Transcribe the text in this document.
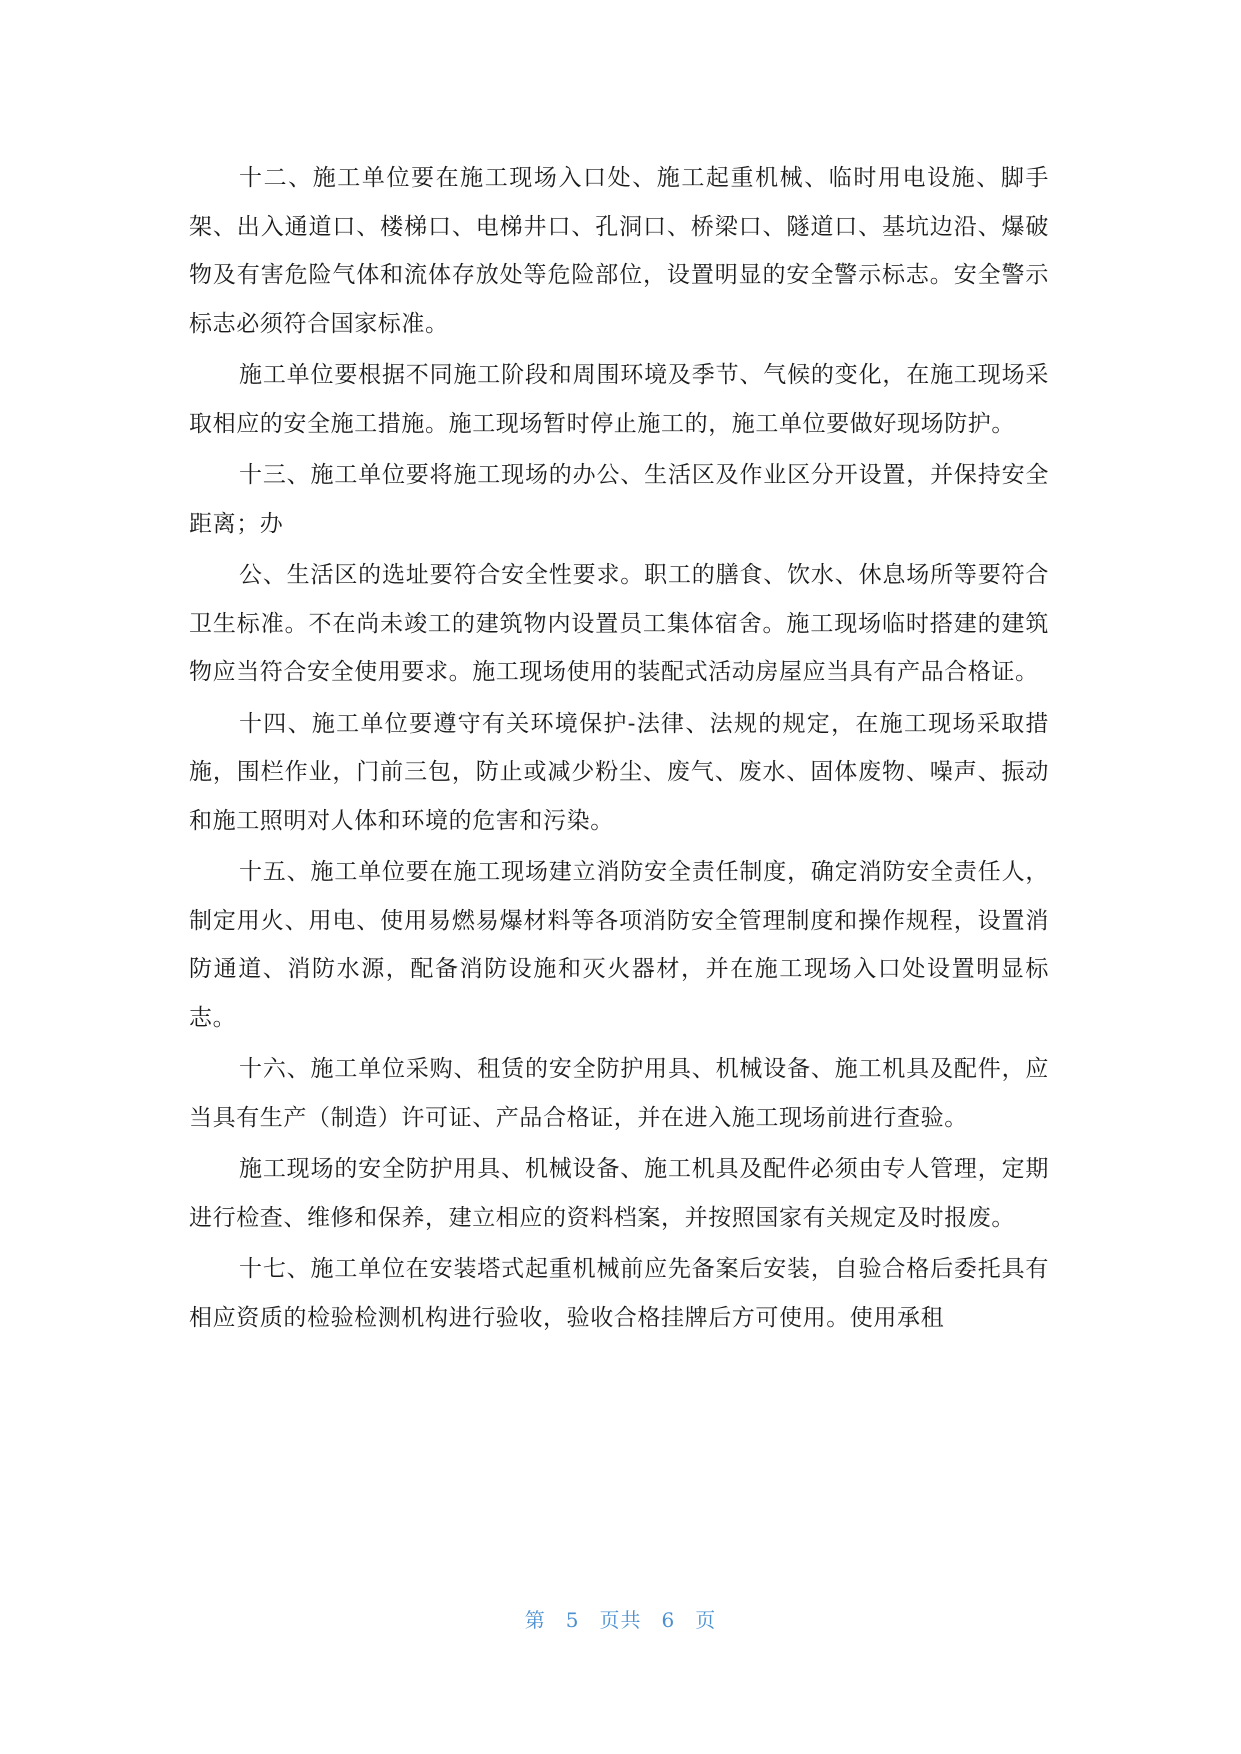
十二、施工单位要在施工现场入口处、施工起重机械、临时用电设施、脚手架、出入通道口、楼梯口、电梯井口、孔洞口、桥梁口、隧道口、基坑边沿、爆破物及有害危险气体和流体存放处等危险部位，设置明显的安全警示标志。安全警示标志必须符合国家标准。

施工单位要根据不同施工阶段和周围环境及季节、气候的变化，在施工现场采取相应的安全施工措施。施工现场暂时停止施工的，施工单位要做好现场防护。

十三、施工单位要将施工现场的办公、生活区及作业区分开设置，并保持安全距离；办

公、生活区的选址要符合安全性要求。职工的膳食、饮水、休息场所等要符合卫生标准。不在尚未竣工的建筑物内设置员工集体宿舍。施工现场临时搭建的建筑物应当符合安全使用要求。施工现场使用的装配式活动房屋应当具有产品合格证。

十四、施工单位要遵守有关环境保护-法律、法规的规定，在施工现场采取措施，围栏作业，门前三包，防止或减少粉尘、废气、废水、固体废物、噪声、振动和施工照明对人体和环境的危害和污染。

十五、施工单位要在施工现场建立消防安全责任制度，确定消防安全责任人，制定用火、用电、使用易燃易爆材料等各项消防安全管理制度和操作规程，设置消防通道、消防水源，配备消防设施和灭火器材，并在施工现场入口处设置明显标志。

十六、施工单位采购、租赁的安全防护用具、机械设备、施工机具及配件，应当具有生产（制造）许可证、产品合格证，并在进入施工现场前进行查验。

施工现场的安全防护用具、机械设备、施工机具及配件必须由专人管理，定期进行检查、维修和保养，建立相应的资料档案，并按照国家有关规定及时报废。

十七、施工单位在安装塔式起重机械前应先备案后安装，自验合格后委托具有相应资质的检验检测机构进行验收，验收合格挂牌后方可使用。使用承租

第 5 页共 6 页
